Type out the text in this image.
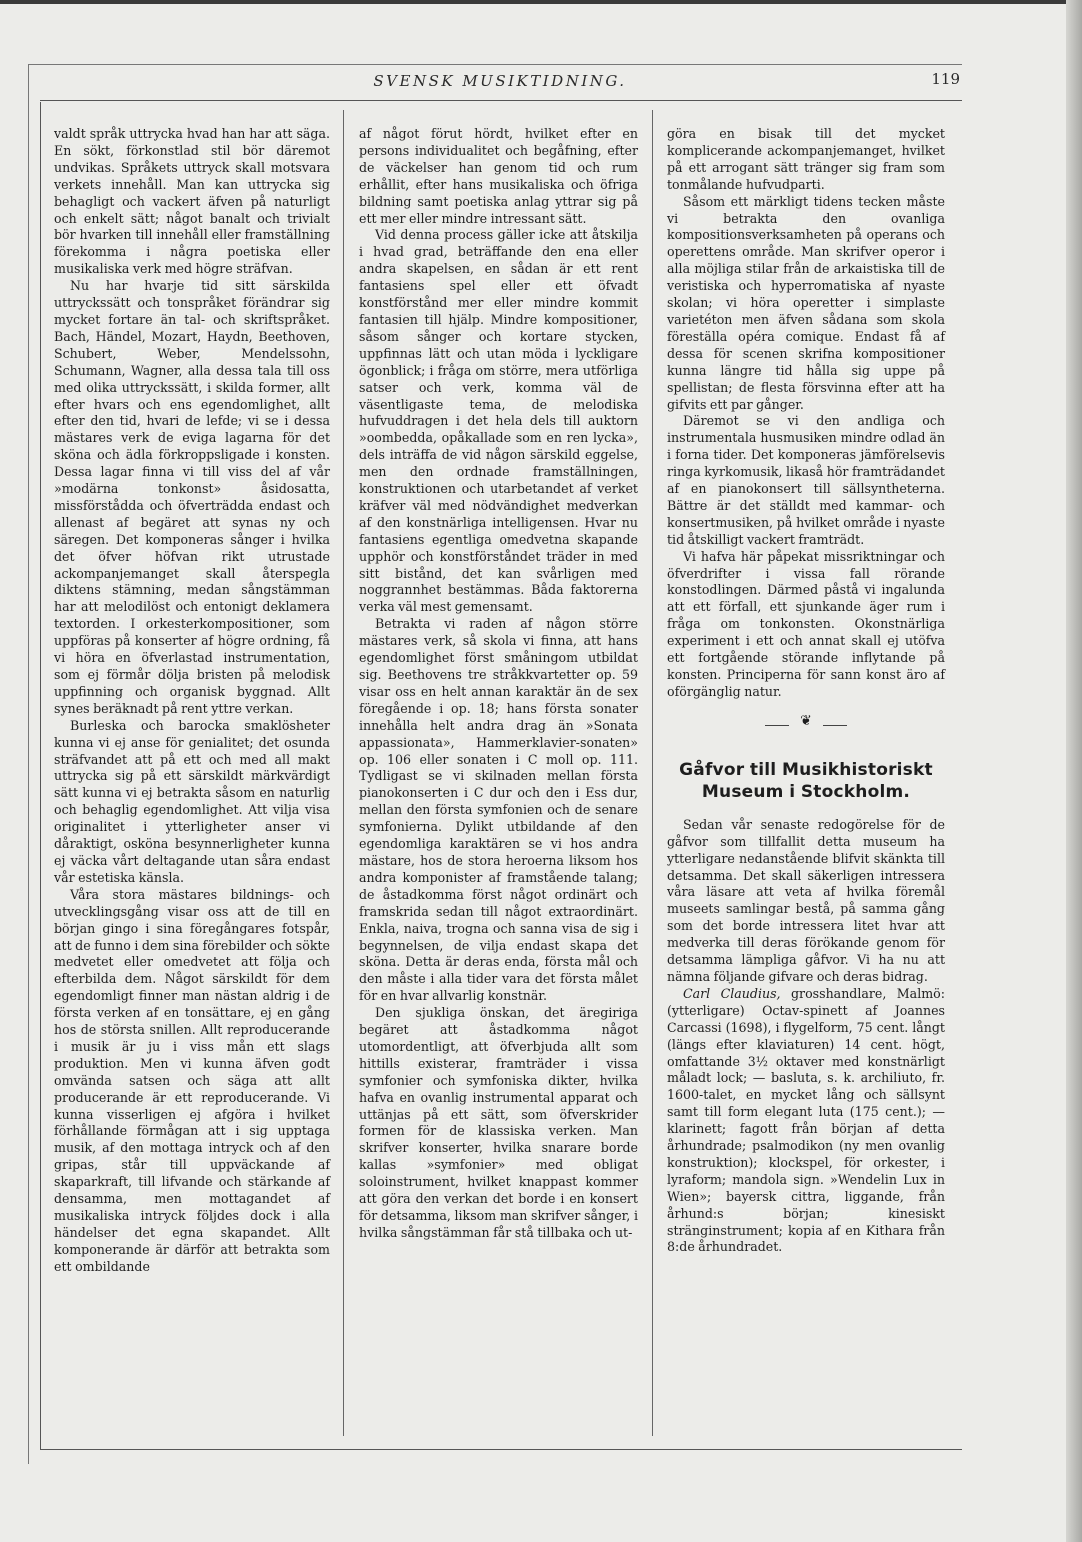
SVENSK MUSIKTIDNING.	119

valdt språk uttrycka hvad han har att säga. En sökt, förkonstlad stil bör däremot undvikas. Språkets uttryck skall motsvara verkets innehåll. Man kan uttrycka sig behagligt och vackert äfven på naturligt och enkelt sätt; något banalt och trivialt bör hvarken till innehåll eller framställning förekomma i några poetiska eller musikaliska verk med högre sträfvan.

Nu har hvarje tid sitt särskilda uttryckssätt och tonspråket förändrar sig mycket fortare än tal- och skriftspråket. Bach, Händel, Mozart, Haydn, Beethoven, Schubert, Weber, Mendelssohn, Schumann, Wagner, alla dessa tala till oss med olika uttryckssätt, i skilda former, allt efter hvars och ens egendomlighet, allt efter den tid, hvari de lefde; vi se i dessa mästares verk de eviga lagarna för det sköna och ädla förkroppsligade i konsten. Dessa lagar finna vi till viss del af vår »modärna tonkonst» åsidosatta, missförstådda och öfverträdda endast och allenast af begäret att synas ny och säregen. Det komponeras sånger i hvilka det öfver höfvan rikt utrustade ackompanjemanget skall återspegla diktens stämning, medan sångstämman har att melodilöst och entonigt deklamera textorden. I orkesterkompositioner, som uppföras på konserter af högre ordning, få vi höra en öfverlastad instrumentation, som ej förmår dölja bristen på melodisk uppfinning och organisk byggnad. Allt synes beräknadt på rent yttre verkan.

Burleska och barocka smaklösheter kunna vi ej anse för genialitet; det osunda sträfvandet att på ett och med all makt uttrycka sig på ett särskildt märkvärdigt sätt kunna vi ej betrakta såsom en naturlig och behaglig egendomlighet. Att vilja visa originalitet i ytterligheter anser vi dåraktigt, osköna besynnerligheter kunna ej väcka vårt deltagande utan såra endast vår estetiska känsla.

Våra stora mästares bildnings- och utvecklingsgång visar oss att de till en början gingo i sina föregångares fotspår, att de funno i dem sina förebilder och sökte medvetet eller omedvetet att följa och efterbilda dem. Något särskildt för dem egendomligt finner man nästan aldrig i de första verken af en tonsättare, ej en gång hos de största snillen. Allt reproducerande i musik är ju i viss mån ett slags produktion. Men vi kunna äfven godt omvända satsen och säga att allt producerande är ett reproducerande. Vi kunna visserligen ej afgöra i hvilket förhållande förmågan att i sig upptaga musik, af den mottaga intryck och af den gripas, står till uppväckande af skaparkraft, till lifvande och stärkande af densamma, men mottagandet af musikaliska intryck följdes dock i alla händelser det egna skapandet. Allt komponerande är därför att betrakta som ett ombildande

af något förut hördt, hvilket efter en persons individualitet och begåfning, efter de väckelser han genom tid och rum erhållit, efter hans musikaliska och öfriga bildning samt poetiska anlag yttrar sig på ett mer eller mindre intressant sätt.

Vid denna process gäller icke att åtskilja i hvad grad, beträffande den ena eller andra skapelsen, en sådan är ett rent fantasiens spel eller ett öfvadt konstförstånd mer eller mindre kommit fantasien till hjälp. Mindre kompositioner, såsom sånger och kortare stycken, uppfinnas lätt och utan möda i lyckligare ögonblick; i fråga om större, mera utförliga satser och verk, komma väl de väsentligaste tema, de melodiska hufvuddragen i det hela dels till auktorn »oombedda, opåkallade som en ren lycka», dels inträffa de vid någon särskild eggelse, men den ordnade framställningen, konstruktionen och utarbetandet af verket kräfver väl med nödvändighet medverkan af den konstnärliga intelligensen. Hvar nu fantasiens egentliga omedvetna skapande upphör och konstförståndet träder in med sitt bistånd, det kan svårligen med noggrannhet bestämmas. Båda faktorerna verka väl mest gemensamt.

Betrakta vi raden af någon större mästares verk, så skola vi finna, att hans egendomlighet först småningom utbildat sig. Beethovens tre stråkkvartetter op. 59 visar oss en helt annan karaktär än de sex föregående i op. 18; hans första sonater innehålla helt andra drag än »Sonata appassionata», Hammerklavier-sonaten» op. 106 eller sonaten i C moll op. 111. Tydligast se vi skilnaden mellan första pianokonserten i C dur och den i Ess dur, mellan den första symfonien och de senare symfonierna. Dylikt utbildande af den egendomliga karaktären se vi hos andra mästare, hos de stora heroerna liksom hos andra komponister af framstående talang; de åstadkomma först något ordinärt och framskrida sedan till något extraordinärt. Enkla, naiva, trogna och sanna visa de sig i begynnelsen, de vilja endast skapa det sköna. Detta är deras enda, första mål och den måste i alla tider vara det första målet för en hvar allvarlig konstnär.

Den sjukliga önskan, det äregiriga begäret att åstadkomma något utomordentligt, att öfverbjuda allt som hittills existerar, framträder i vissa symfonier och symfoniska dikter, hvilka hafva en ovanlig instrumental apparat och uttänjas på ett sätt, som öfverskrider formen för de klassiska verken. Man skrifver konserter, hvilka snarare borde kallas »symfonier» med obligat soloinstrument, hvilket knappast kommer att göra den verkan det borde i en konsert för detsamma, liksom man skrifver sånger, i hvilka sångstämman får stå tillbaka och ut-

göra en bisak till det mycket komplicerande ackompanjemanget, hvilket på ett arrogant sätt tränger sig fram som tonmålande hufvudparti.

Såsom ett märkligt tidens tecken måste vi betrakta den ovanliga kompositionsverksamheten på operans och operettens område. Man skrifver operor i alla möjliga stilar från de arkaistiska till de veristiska och hyperromatiska af nyaste skolan; vi höra operetter i simplaste varietéton men äfven sådana som skola föreställa opéra comique. Endast få af dessa för scenen skrifna kompositioner kunna längre tid hålla sig uppe på spellistan; de flesta försvinna efter att ha gifvits ett par gånger.

Däremot se vi den andliga och instrumentala husmusiken mindre odlad än i forna tider. Det komponeras jämförelsevis ringa kyrkomusik, likaså hör framträdandet af en pianokonsert till sällsyntheterna. Bättre är det ställdt med kammar- och konsertmusiken, på hvilket område i nyaste tid åtskilligt vackert framträdt.

Vi hafva här påpekat missriktningar och öfverdrifter i vissa fall rörande konstodlingen. Därmed påstå vi ingalunda att ett förfall, ett sjunkande äger rum i fråga om tonkonsten. Okonstnärliga experiment i ett och annat skall ej utöfva ett fortgående störande inflytande på konsten. Principerna för sann konst äro af oförgänglig natur.

❦
Gåfvor till Musikhistoriskt
Museum i Stockholm.

Sedan vår senaste redogörelse för de gåfvor som tillfallit detta museum ha ytterligare nedanstående blifvit skänkta till detsamma. Det skall säkerligen intressera våra läsare att veta af hvilka föremål museets samlingar bestå, på samma gång som det borde intressera litet hvar att medverka till deras förökande genom för detsamma lämpliga gåfvor. Vi ha nu att nämna följande gifvare och deras bidrag.

Carl Claudius, grosshandlare, Malmö: (ytterligare) Octav-spinett af Joannes Carcassi (1698), i flygelform, 75 cent. långt (längs efter klaviaturen) 14 cent. högt, omfattande 3½ oktaver med konstnärligt måladt lock; — basluta, s. k. archiliuto, fr. 1600-talet, en mycket lång och sällsynt samt till form elegant luta (175 cent.); — klarinett; fagott från början af detta århundrade; psalmodikon (ny men ovanlig konstruktion); klockspel, för orkester, i lyraform; mandola sign. »Wendelin Lux in Wien»; bayersk cittra, liggande, från århund:s början; kinesiskt stränginstrument; kopia af en Kithara från 8:de århundradet.
